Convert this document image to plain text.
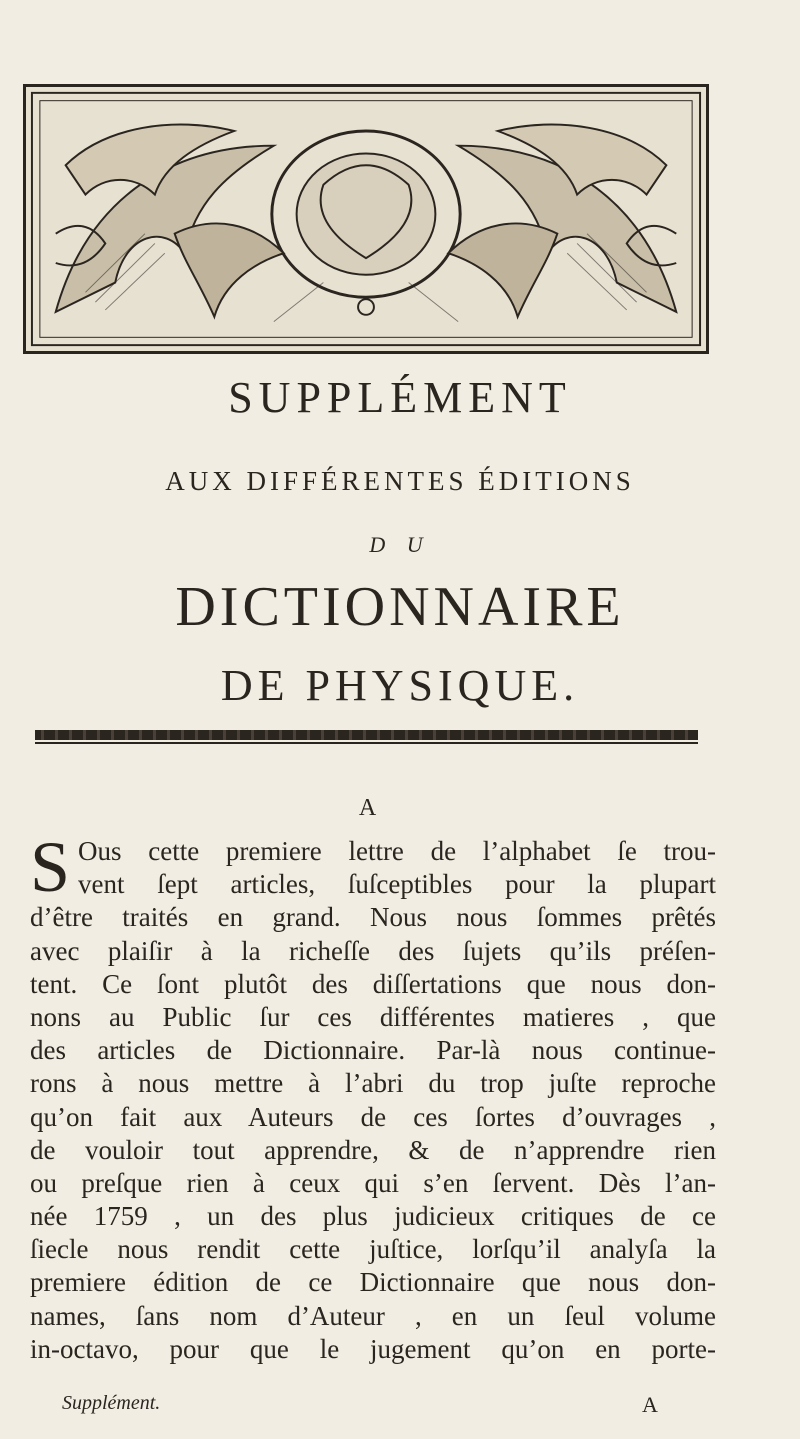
SUPPLÉMENT
AUX DIFFÉRENTES ÉDITIONS
D U
DICTIONNAIRE
DE PHYSIQUE.
A
S Ous cette premiere lettre de l’alphabet ſe trou-
vent ſept articles, ſuſceptibles pour la plupart
d’être traités en grand. Nous nous ſommes prêtés
avec plaiſir à la richeſſe des ſujets qu’ils préſen-
tent. Ce ſont plutôt des diſſertations que nous don-
nons au Public ſur ces différentes matieres , que
des articles de Dictionnaire. Par-là nous continue-
rons à nous mettre à l’abri du trop juſte reproche
qu’on fait aux Auteurs de ces ſortes d’ouvrages ,
de vouloir tout apprendre, & de n’apprendre rien
ou preſque rien à ceux qui s’en ſervent. Dès l’an-
née 1759 , un des plus judicieux critiques de ce
ſiecle nous rendit cette juſtice, lorſqu’il analyſa la
premiere édition de ce Dictionnaire que nous don-
names, ſans nom d’Auteur , en un ſeul volume
in-octavo, pour que le jugement qu’on en porte-
Supplément.	A
